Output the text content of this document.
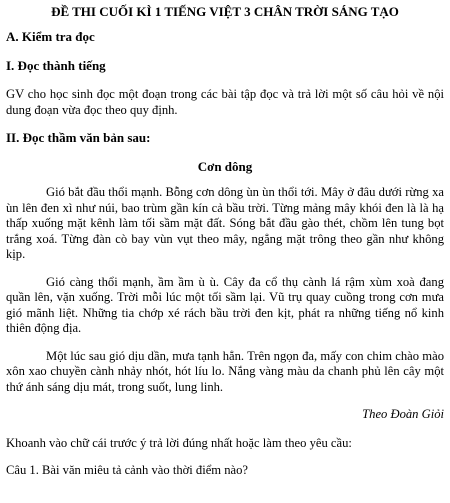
ĐỀ THI CUỐI KÌ 1 TIẾNG VIỆT 3 CHÂN TRỜI SÁNG TẠO
A. Kiểm tra đọc
I. Đọc thành tiếng
GV cho học sinh đọc một đoạn trong các bài tập đọc và trả lời một số câu hỏi về nội dung đoạn vừa đọc theo quy định.
II. Đọc thầm văn bản sau:
Cơn dông
Gió bắt đầu thổi mạnh. Bỗng cơn dông ùn ùn thổi tới. Mây ở đâu dưới rừng xa ùn lên đen xì như núi, bao trùm gần kín cả bầu trời. Từng mảng mây khói đen là là hạ thấp xuống mặt kênh làm tối sầm mặt đất. Sóng bắt đầu gào thét, chồm lên tung bọt trắng xoá. Từng đàn cò bay vùn vụt theo mây, ngẳng mặt trông theo gần như không kịp.
Gió càng thổi mạnh, ầm ầm ù ù. Cây đa cổ thụ cành lá rậm xùm xoà đang quần lên, vặn xuống. Trời mỗi lúc một tối sầm lại. Vũ trụ quay cuồng trong cơn mưa gió mãnh liệt. Những tia chớp xé rách bầu trời đen kịt, phát ra những tiếng nổ kinh thiên động địa.
Một lúc sau gió dịu dần, mưa tạnh hẳn. Trên ngọn đa, mấy con chim chào mào xôn xao chuyền cành nhảy nhót, hót líu lo. Nắng vàng màu da chanh phủ lên cây một thứ ánh sáng dịu mát, trong suốt, lung linh.
Theo Đoàn Giỏi
Khoanh vào chữ cái trước ý trả lời đúng nhất hoặc làm theo yêu cầu:
Câu 1. Bài văn miêu tả cảnh vào thời điểm nào?
